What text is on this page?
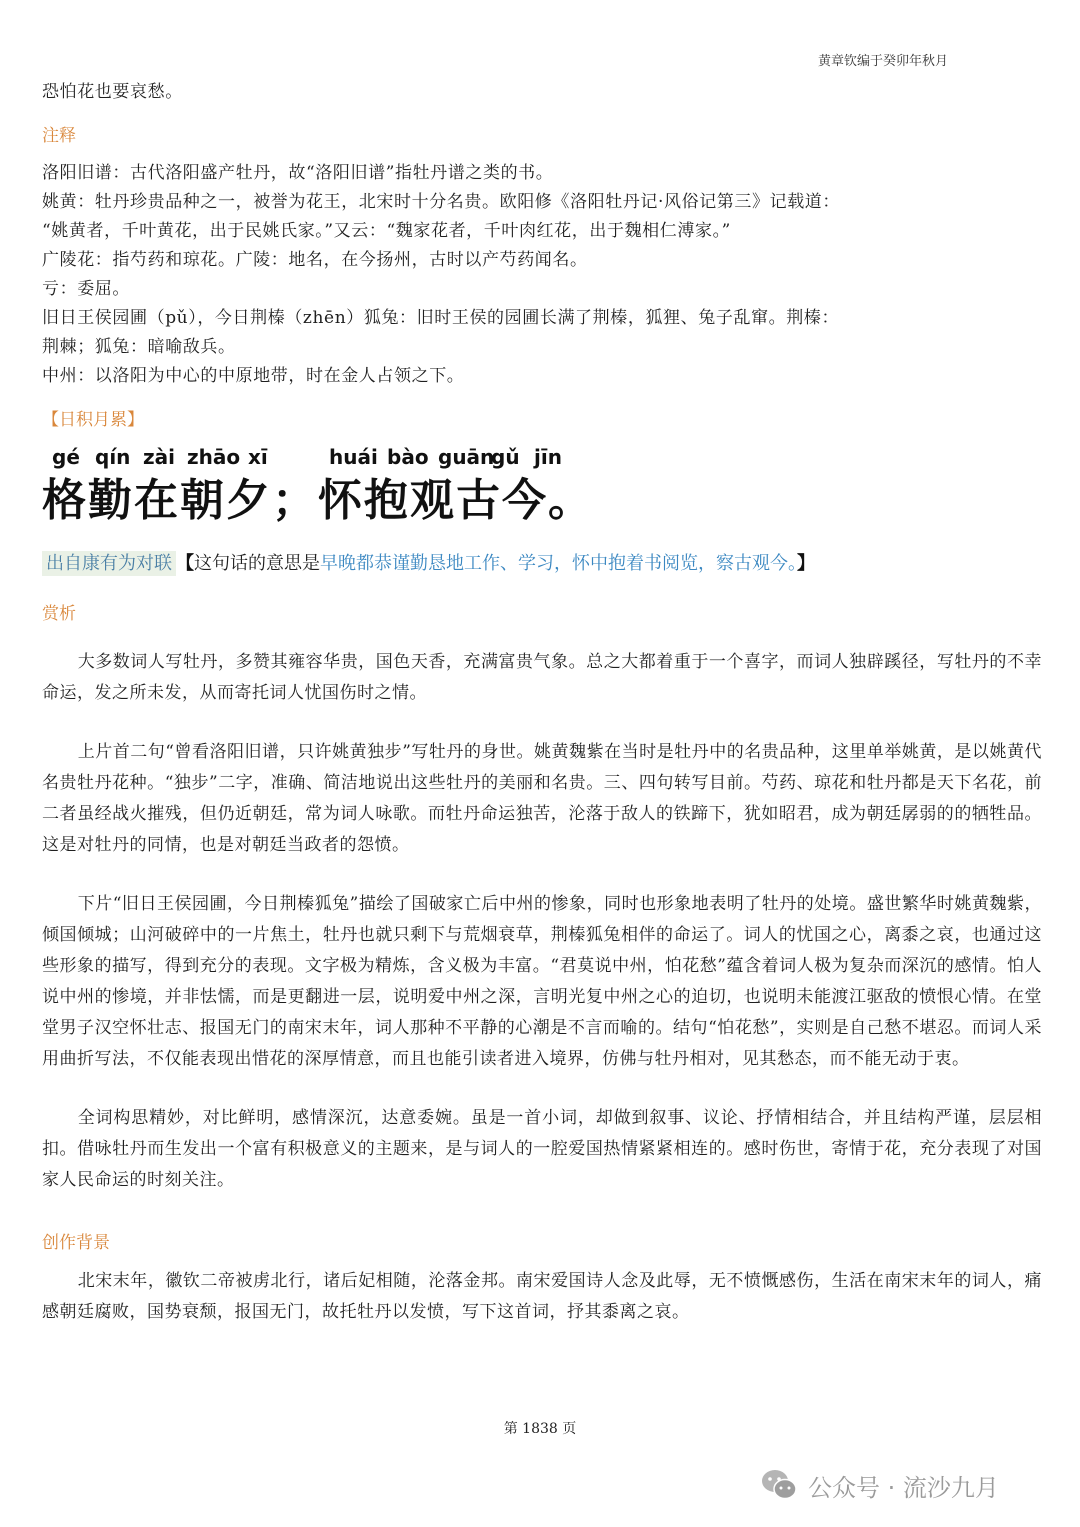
黄章钦编于癸卯年秋月
恐怕花也要哀愁。
注释
洛阳旧谱：古代洛阳盛产牡丹，故“洛阳旧谱”指牡丹谱之类的书。
姚黄：牡丹珍贵品种之一，被誉为花王，北宋时十分名贵。欧阳修《洛阳牡丹记·风俗记第三》记载道：
“姚黄者，千叶黄花，出于民姚氏家。”又云：“魏家花者，千叶肉红花，出于魏相仁溥家。”
广陵花：指芍药和琼花。广陵：地名，在今扬州，古时以产芍药闻名。
亏：委屈。
旧日王侯园圃（pǔ），今日荆榛（zhēn）狐兔：旧时王侯的园圃长满了荆榛，狐狸、兔子乱窜。荆榛：
荆棘；狐兔：暗喻敌兵。
中州：以洛阳为中心的中原地带，时在金人占领之下。
【日积月累】
gé qín zài zhāo xī	huái bào guān
gǔ jīn
格勤在朝夕；怀抱观古今。
出自康有为对联 【这句话的意思是早晚都恭谨勤恳地工作、学习，怀中抱着书阅览，察古观今。】
赏析

大多数词人写牡丹，多赞其雍容华贵，国色天香，充满富贵气象。总之大都着重于一个喜字，而词人独辟蹊径，写牡丹的不幸命运，发之所未发，从而寄托词人忧国伤时之情。

上片首二句“曾看洛阳旧谱，只许姚黄独步”写牡丹的身世。姚黄魏紫在当时是牡丹中的名贵品种，这里单举姚黄，是以姚黄代名贵牡丹花种。“独步”二字，准确、简洁地说出这些牡丹的美丽和名贵。三、四句转写目前。芍药、琼花和牡丹都是天下名花，前二者虽经战火摧残，但仍近朝廷，常为词人咏歌。而牡丹命运独苦，沦落于敌人的铁蹄下，犹如昭君，成为朝廷孱弱的的牺牲品。这是对牡丹的同情，也是对朝廷当政者的怨愤。

下片“旧日王侯园圃，今日荆榛狐兔”描绘了国破家亡后中州的惨象，同时也形象地表明了牡丹的处境。盛世繁华时姚黄魏紫，倾国倾城；山河破碎中的一片焦土，牡丹也就只剩下与荒烟衰草，荆榛狐兔相伴的命运了。词人的忧国之心，离黍之哀，也通过这些形象的描写，得到充分的表现。文字极为精炼，含义极为丰富。“君莫说中州，怕花愁”蕴含着词人极为复杂而深沉的感情。怕人说中州的惨境，并非怯懦，而是更翻进一层，说明爱中州之深，言明光复中州之心的迫切，也说明未能渡江驱敌的愤恨心情。在堂堂男子汉空怀壮志、报国无门的南宋末年，词人那种不平静的心潮是不言而喻的。结句“怕花愁”，实则是自己愁不堪忍。而词人采用曲折写法，不仅能表现出惜花的深厚情意，而且也能引读者进入境界，仿佛与牡丹相对，见其愁态，而不能无动于衷。

全词构思精妙，对比鲜明，感情深沉，达意委婉。虽是一首小词，却做到叙事、议论、抒情相结合，并且结构严谨，层层相扣。借咏牡丹而生发出一个富有积极意义的主题来，是与词人的一腔爱国热情紧紧相连的。感时伤世，寄情于花，充分表现了对国家人民命运的时刻关注。

创作背景

北宋末年，徽钦二帝被虏北行，诸后妃相随，沦落金邦。南宋爱国诗人念及此辱，无不愤慨感伤，生活在南宋末年的词人，痛感朝廷腐败，国势衰颓，报国无门，故托牡丹以发愤，写下这首词，抒其黍离之哀。

第 1838 页
公众号 · 流沙九月
